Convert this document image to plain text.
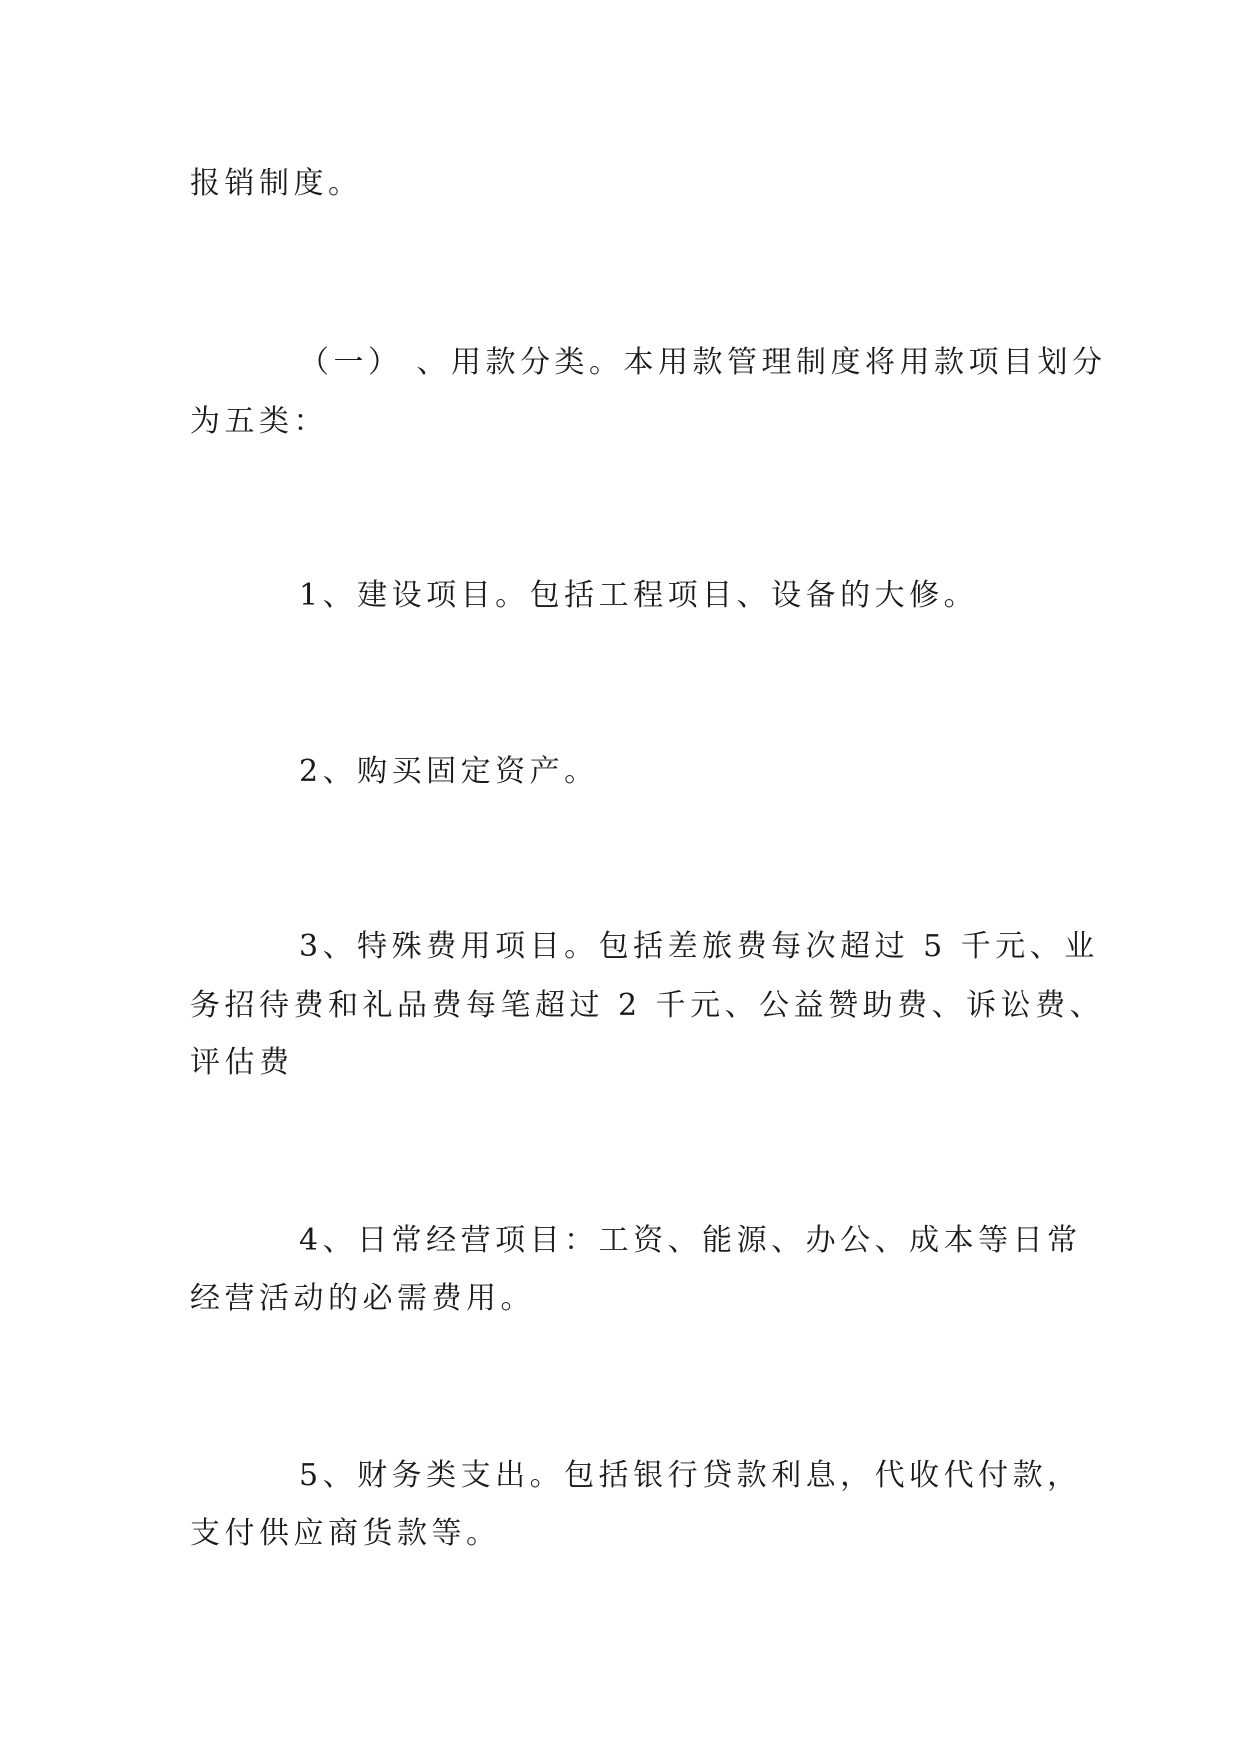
报销制度。
（一） 、用款分类。本用款管理制度将用款项目划分
为五类：
1、建设项目。包括工程项目、设备的大修。
2、购买固定资产。
3、特殊费用项目。包括差旅费每次超过 5 千元、业
务招待费和礼品费每笔超过 2 千元、公益赞助费、诉讼费、
评估费
4、日常经营项目：工资、能源、办公、成本等日常
经营活动的必需费用。
5、财务类支出。包括银行贷款利息，代收代付款，
支付供应商货款等。
